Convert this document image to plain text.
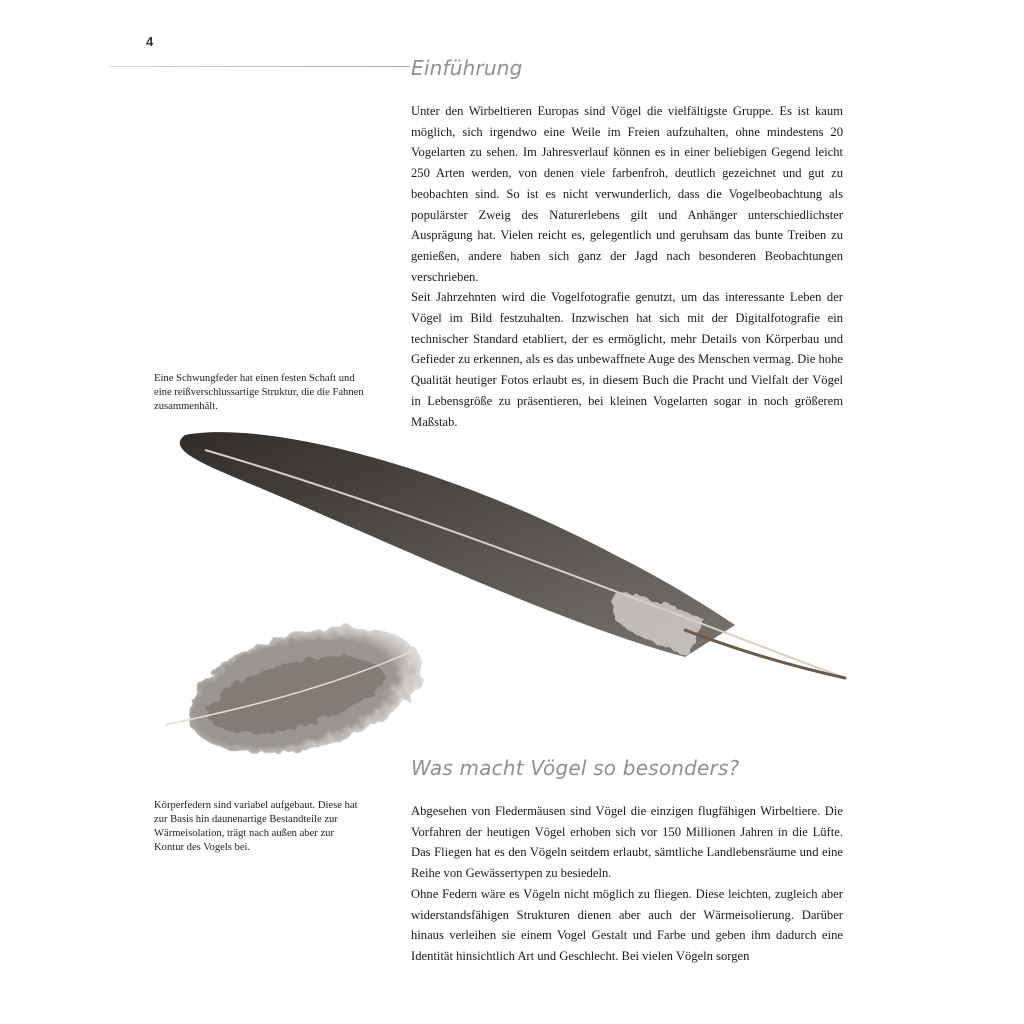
4
Einführung

Unter den Wirbeltieren Europas sind Vögel die vielfältigste Gruppe. Es ist kaum möglich, sich irgendwo eine Weile im Freien aufzuhalten, ohne mindestens 20 Vogelarten zu sehen. Im Jahresverlauf können es in einer beliebigen Gegend leicht 250 Arten werden, von denen viele farbenfroh, deutlich gezeichnet und gut zu beobachten sind. So ist es nicht verwunderlich, dass die Vogelbeobachtung als populärster Zweig des Naturerlebens gilt und Anhänger unterschiedlichster Ausprägung hat. Vielen reicht es, gelegentlich und geruhsam das bunte Treiben zu genießen, andere haben sich ganz der Jagd nach besonderen Beobachtungen verschrieben.

Seit Jahrzehnten wird die Vogelfotografie genutzt, um das interessante Leben der Vögel im Bild festzuhalten. Inzwischen hat sich mit der Digitalfotografie ein technischer Standard etabliert, der es ermöglicht, mehr Details von Körperbau und Gefieder zu erkennen, als es das unbewaffnete Auge des Menschen vermag. Die hohe Qualität heutiger Fotos erlaubt es, in diesem Buch die Pracht und Vielfalt der Vögel in Lebensgröße zu präsentieren, bei kleinen Vogelarten sogar in noch größerem Maßstab.

Eine Schwungfeder hat einen festen Schaft und eine reißverschlussartige Struktur, die die Fahnen zusammenhält.
Was macht Vögel so besonders?
Körperfedern sind variabel aufgebaut. Diese hat zur Basis hin daunenartige Bestandteile zur Wärmeisolation, trägt nach außen aber zur Kontur des Vogels bei.

Abgesehen von Fledermäusen sind Vögel die einzigen flugfähigen Wirbeltiere. Die Vorfahren der heutigen Vögel erhoben sich vor 150 Millionen Jahren in die Lüfte. Das Fliegen hat es den Vögeln seitdem erlaubt, sämtliche Landlebensräume und eine Reihe von Gewässertypen zu besiedeln.

Ohne Federn wäre es Vögeln nicht möglich zu fliegen. Diese leichten, zugleich aber widerstandsfähigen Strukturen dienen aber auch der Wärmeisolierung. Darüber hinaus verleihen sie einem Vogel Gestalt und Farbe und geben ihm dadurch eine Identität hinsichtlich Art und Geschlecht. Bei vielen Vögeln sorgen
